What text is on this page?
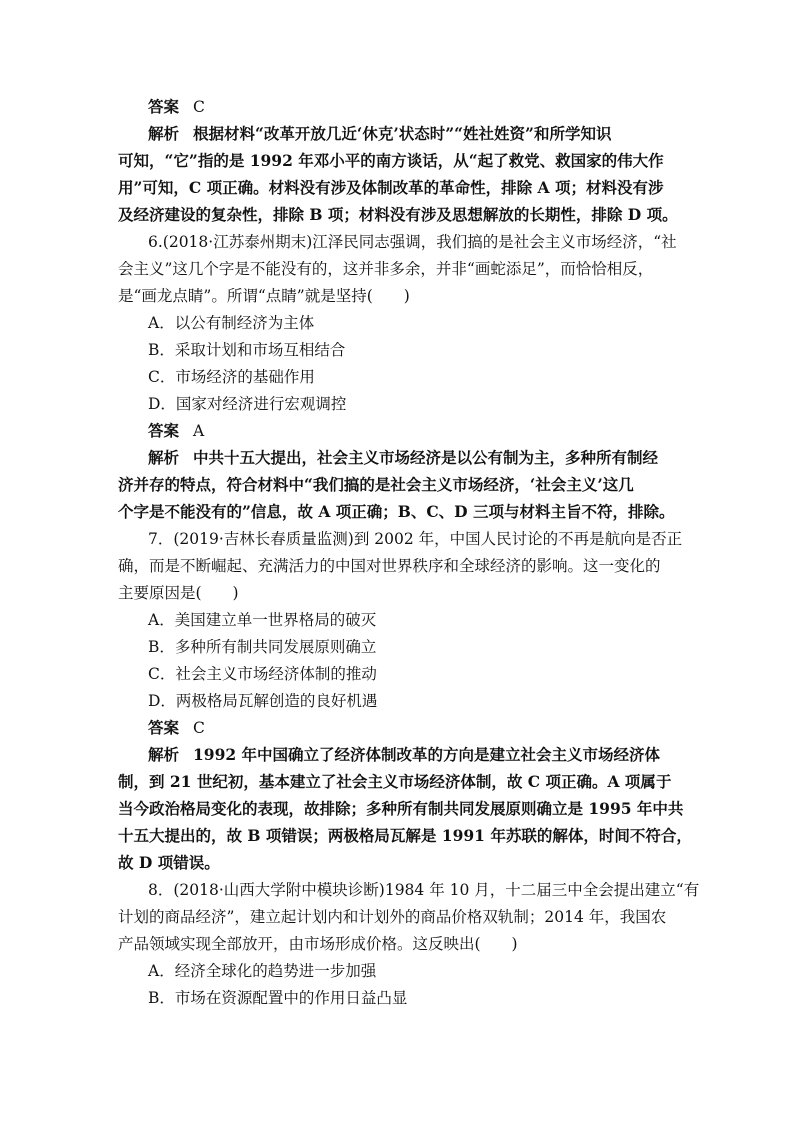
答案 C
解析 根据材料“改革开放几近‘休克’状态时”“姓社姓资”和所学知识
可知，“它”指的是 1992 年邓小平的南方谈话，从“起了救党、救国家的伟大作
用”可知，C 项正确。材料没有涉及体制改革的革命性，排除 A 项；材料没有涉
及经济建设的复杂性，排除 B 项；材料没有涉及思想解放的长期性，排除 D 项。
6.(2018·江苏泰州期末)江泽民同志强调，我们搞的是社会主义市场经济，“社
会主义”这几个字是不能没有的，这并非多余，并非“画蛇添足”，而恰恰相反，
是“画龙点睛”。所谓“点睛”就是坚持(　　)
A．以公有制经济为主体
B．采取计划和市场互相结合
C．市场经济的基础作用
D．国家对经济进行宏观调控
答案 A
解析 中共十五大提出，社会主义市场经济是以公有制为主，多种所有制经
济并存的特点，符合材料中“我们搞的是社会主义市场经济，‘社会主义’这几
个字是不能没有的”信息，故 A 项正确；B、C、D 三项与材料主旨不符，排除。
7．(2019·吉林长春质量监测)到 2002 年，中国人民讨论的不再是航向是否正
确，而是不断崛起、充满活力的中国对世界秩序和全球经济的影响。这一变化的
主要原因是(　　)
A．美国建立单一世界格局的破灭
B．多种所有制共同发展原则确立
C．社会主义市场经济体制的推动
D．两极格局瓦解创造的良好机遇
答案 C
解析 1992 年中国确立了经济体制改革的方向是建立社会主义市场经济体
制，到 21 世纪初，基本建立了社会主义市场经济体制，故 C 项正确。A 项属于
当今政治格局变化的表现，故排除；多种所有制共同发展原则确立是 1995 年中共
十五大提出的，故 B 项错误；两极格局瓦解是 1991 年苏联的解体，时间不符合，
故 D 项错误。
8．(2018·山西大学附中模块诊断)1984 年 10 月，十二届三中全会提出建立“有
计划的商品经济”，建立起计划内和计划外的商品价格双轨制；2014 年，我国农
产品领域实现全部放开，由市场形成价格。这反映出(　　)
A．经济全球化的趋势进一步加强
B．市场在资源配置中的作用日益凸显
